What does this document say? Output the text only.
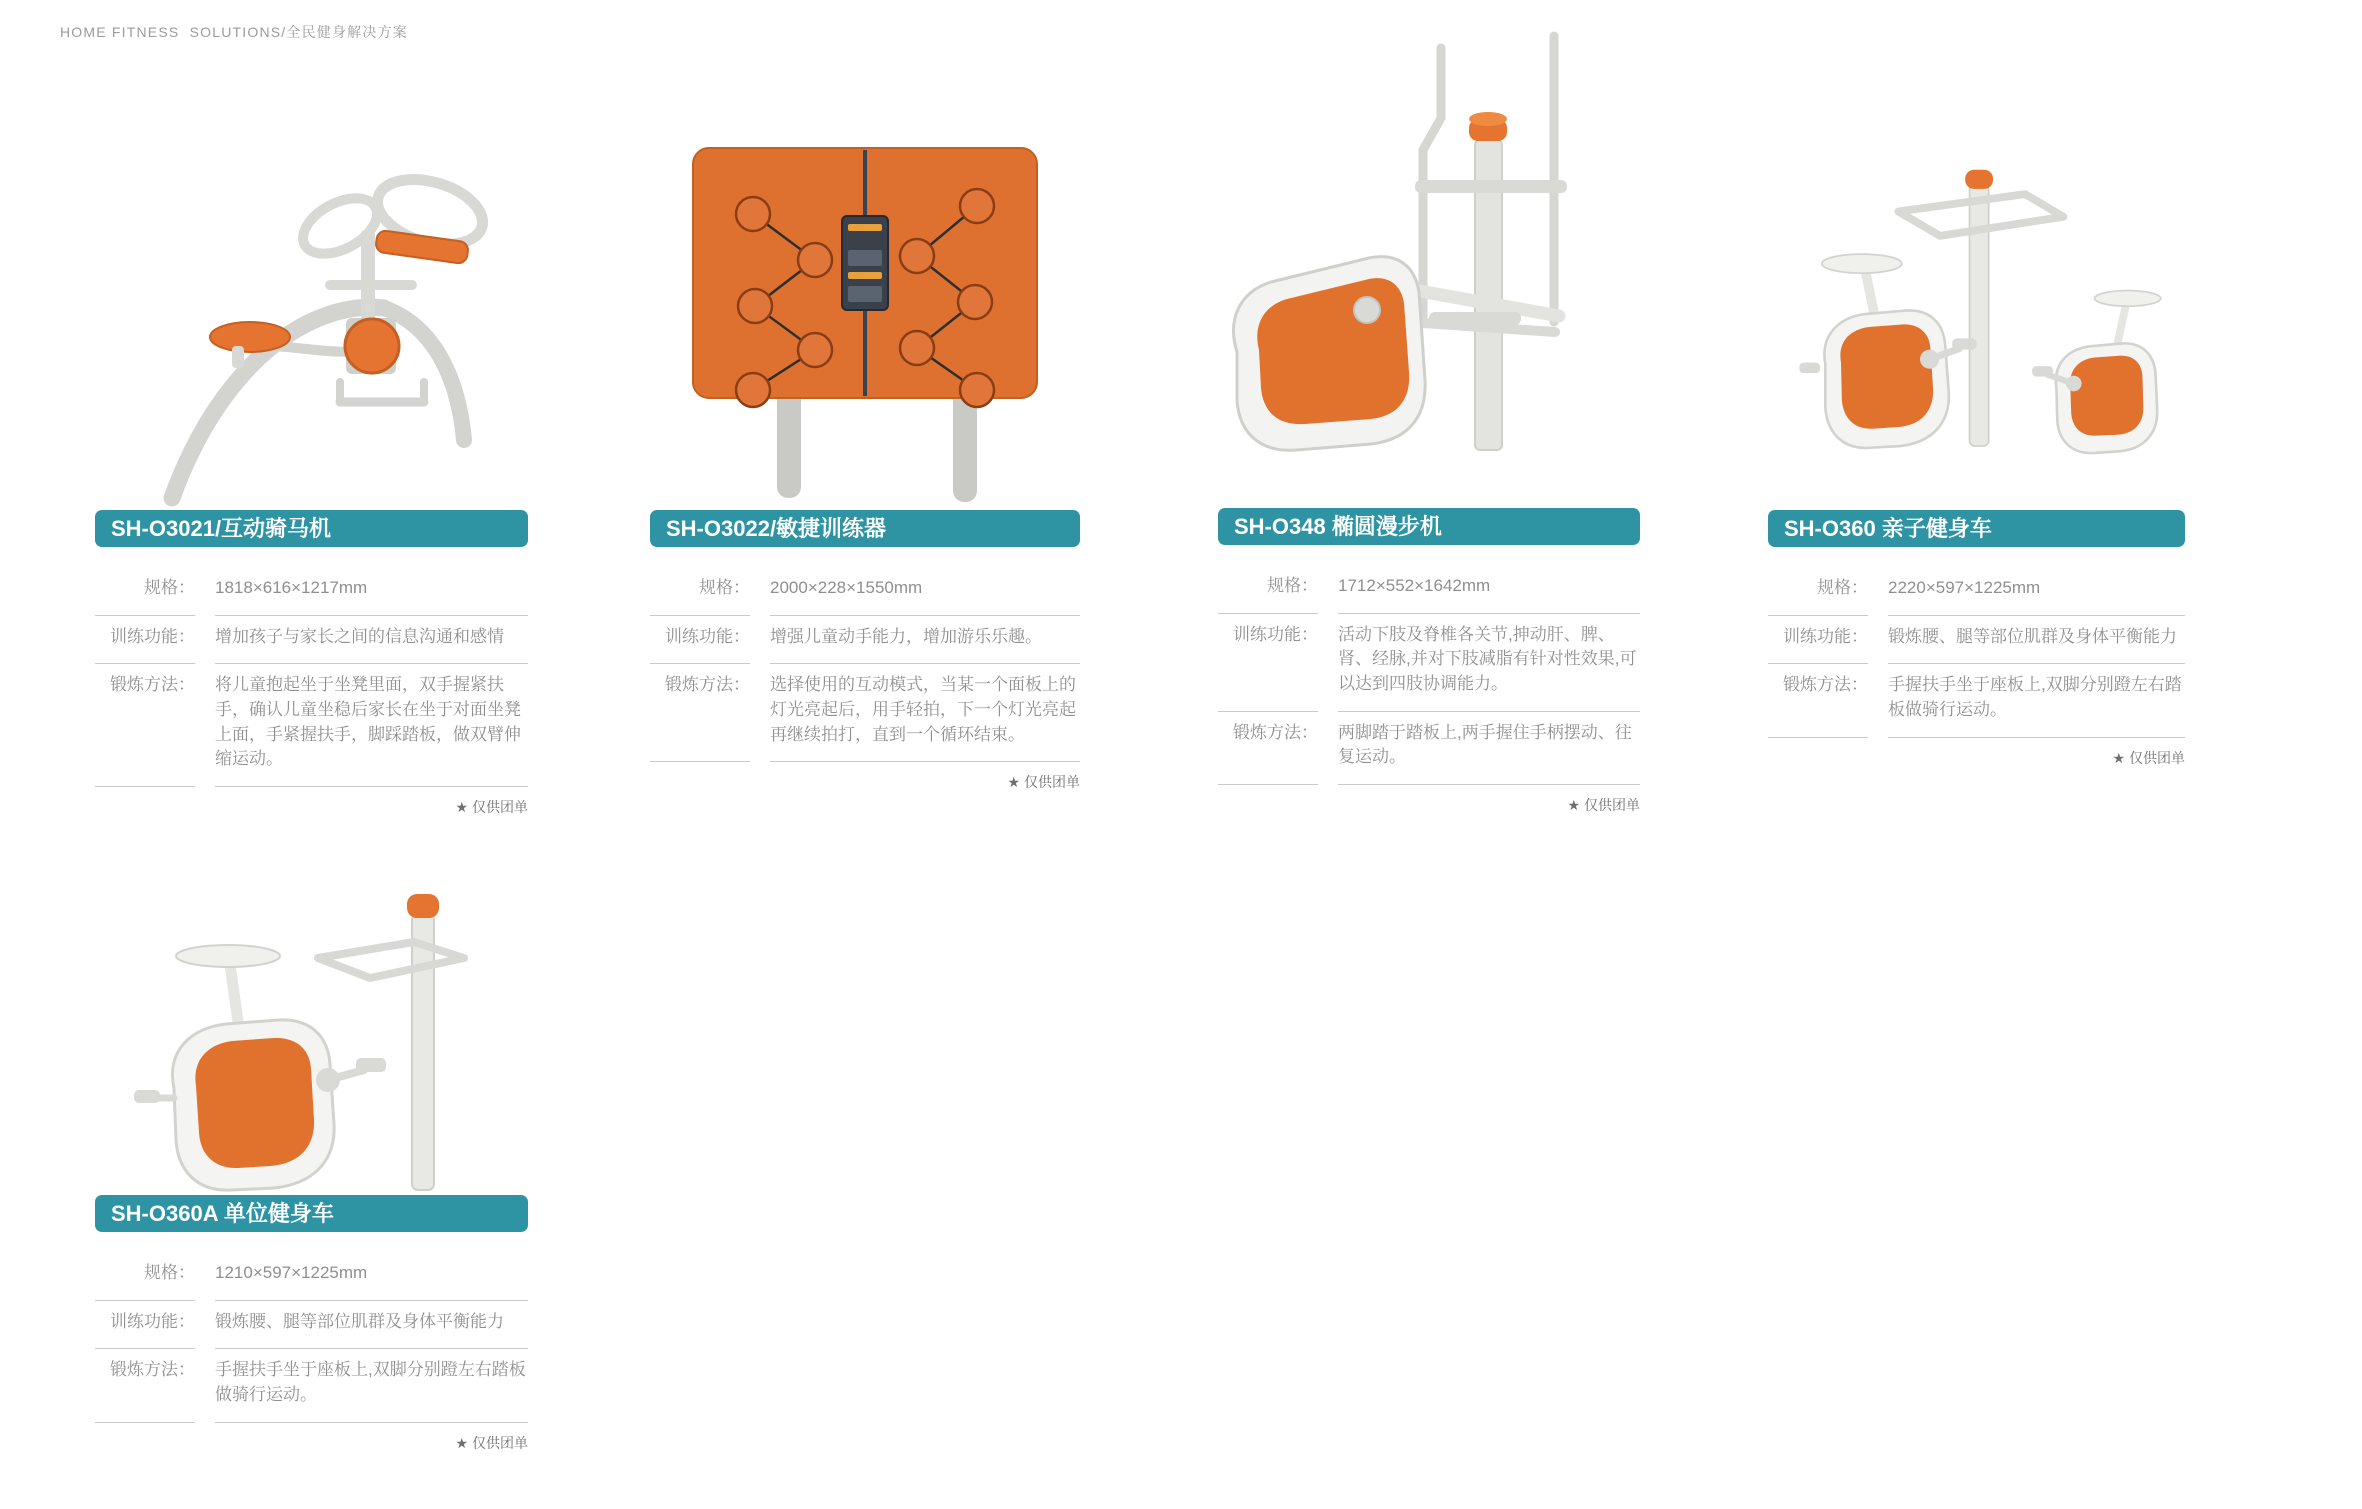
HOME FITNESS  SOLUTIONS/全民健身解决方案
SH-O3021/互动骑马机
规格： 1818×616×1217mm
训练功能： 增加孩子与家长之间的信息沟通和感情
锻炼方法： 将儿童抱起坐于坐凳里面，双手握紧扶手，确认儿童坐稳后家长在坐于对面坐凳上面，手紧握扶手，脚踩踏板，做双臂伸缩运动。
★ 仅供团单
SH-O3022/敏捷训练器
规格： 2000×228×1550mm
训练功能： 增强儿童动手能力，增加游乐乐趣。
锻炼方法： 选择使用的互动模式，当某一个面板上的灯光亮起后，用手轻拍，下一个灯光亮起再继续拍打，直到一个循环结束。
★ 仅供团单
SH-O348 椭圆漫步机
规格： 1712×552×1642mm
训练功能： 活动下肢及脊椎各关节,抻动肝、脾、肾、经脉,并对下肢减脂有针对性效果,可以达到四肢协调能力。
锻炼方法： 两脚踏于踏板上,两手握住手柄摆动、往复运动。
★ 仅供团单
SH-O360 亲子健身车
规格： 2220×597×1225mm
训练功能： 锻炼腰、腿等部位肌群及身体平衡能力
锻炼方法： 手握扶手坐于座板上,双脚分别蹬左右踏板做骑行运动。
★ 仅供团单
SH-O360A 单位健身车
规格： 1210×597×1225mm
训练功能： 锻炼腰、腿等部位肌群及身体平衡能力
锻炼方法： 手握扶手坐于座板上,双脚分别蹬左右踏板做骑行运动。
★ 仅供团单
